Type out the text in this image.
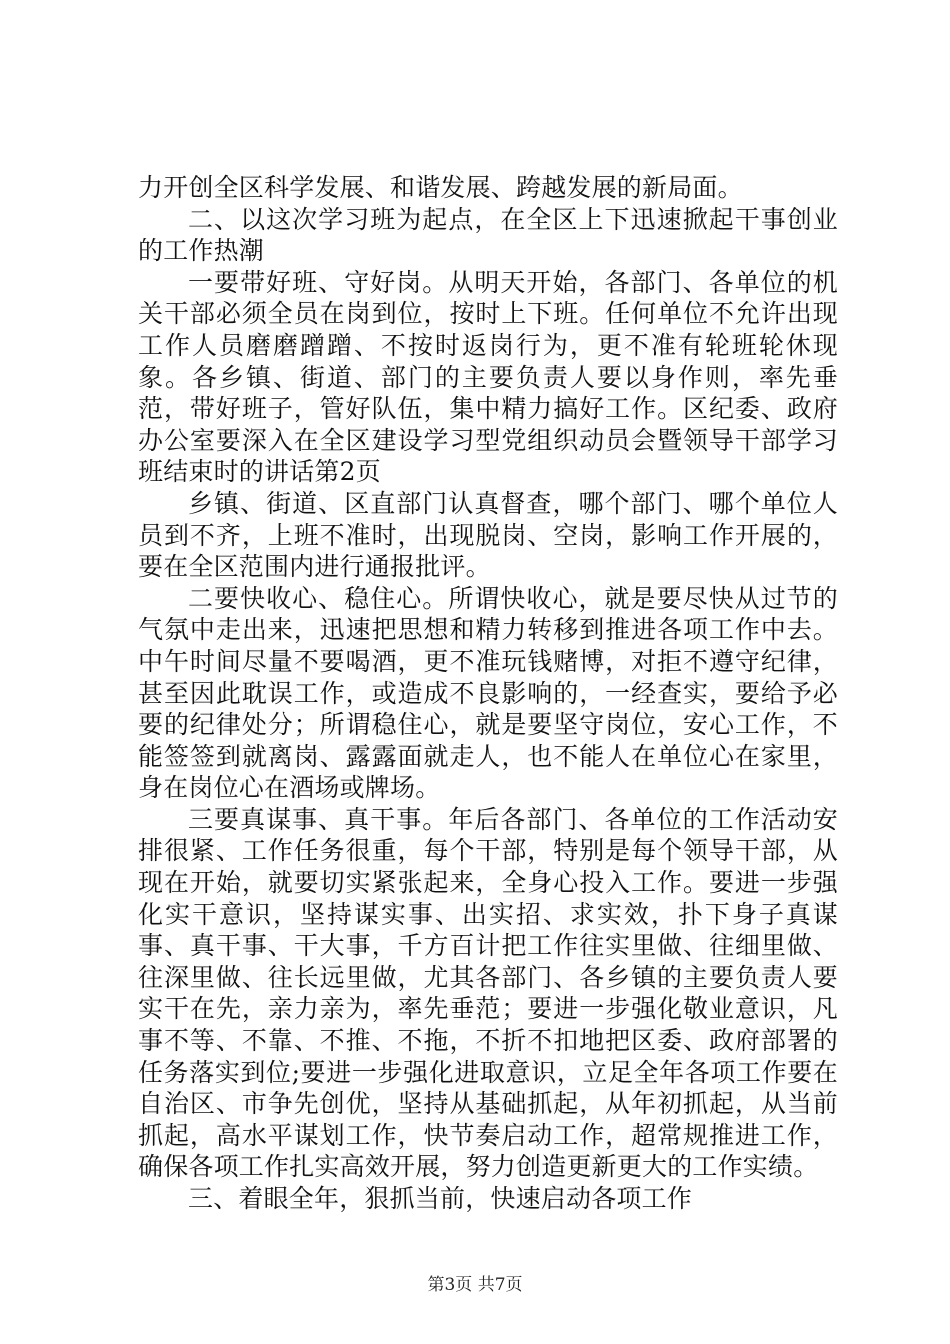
力开创全区科学发展、和谐发展、跨越发展的新局面。

二、以这次学习班为起点，在全区上下迅速掀起干事创业的工作热潮

一要带好班、守好岗。从明天开始，各部门、各单位的机关干部必须全员在岗到位，按时上下班。任何单位不允许出现工作人员磨磨蹭蹭、不按时返岗行为，更不准有轮班轮休现象。各乡镇、街道、部门的主要负责人要以身作则，率先垂范，带好班子，管好队伍，集中精力搞好工作。区纪委、政府办公室要深入在全区建设学习型党组织动员会暨领导干部学习班结束时的讲话第2页

乡镇、街道、区直部门认真督查，哪个部门、哪个单位人员到不齐，上班不准时，出现脱岗、空岗，影响工作开展的，要在全区范围内进行通报批评。

二要快收心、稳住心。所谓快收心，就是要尽快从过节的气氛中走出来，迅速把思想和精力转移到推进各项工作中去。中午时间尽量不要喝酒，更不准玩钱赌博，对拒不遵守纪律，甚至因此耽误工作，或造成不良影响的，一经查实，要给予必要的纪律处分；所谓稳住心，就是要坚守岗位，安心工作，不能签签到就离岗、露露面就走人，也不能人在单位心在家里，身在岗位心在酒场或牌场。

三要真谋事、真干事。年后各部门、各单位的工作活动安排很紧、工作任务很重，每个干部，特别是每个领导干部，从现在开始，就要切实紧张起来，全身心投入工作。要进一步强化实干意识，坚持谋实事、出实招、求实效，扑下身子真谋事、真干事、干大事，千方百计把工作往实里做、往细里做、往深里做、往长远里做，尤其各部门、各乡镇的主要负责人要实干在先，亲力亲为，率先垂范；要进一步强化敬业意识，凡事不等、不靠、不推、不拖，不折不扣地把区委、政府部署的任务落实到位;要进一步强化进取意识，立足全年各项工作要在自治区、市争先创优，坚持从基础抓起，从年初抓起，从当前抓起，高水平谋划工作，快节奏启动工作，超常规推进工作，确保各项工作扎实高效开展，努力创造更新更大的工作实绩。

三、着眼全年，狠抓当前，快速启动各项工作

第3页 共7页
